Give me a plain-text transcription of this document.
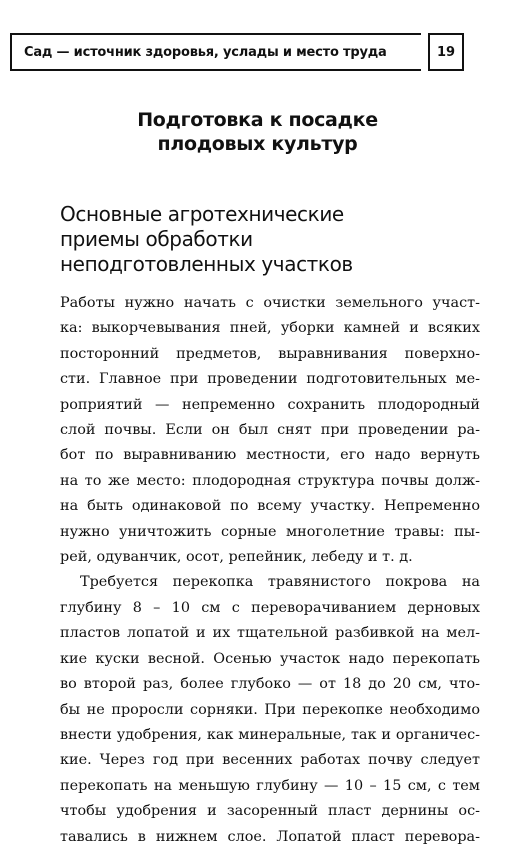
Сад — источник здоровья, услады и место труда	19
Подготовка к посадке
плодовых культур
Основные агротехнические
приемы обработки
неподготовленных участков
Работы нужно начать с очистки земельного участ-
ка: выкорчевывания пней, уборки камней и всяких
посторонний предметов, выравнивания поверхно-
сти. Главное при проведении подготовительных ме-
роприятий — непременно сохранить плодородный
слой почвы. Если он был снят при проведении ра-
бот по выравниванию местности, его надо вернуть
на то же место: плодородная структура почвы долж-
на быть одинаковой по всему участку. Непременно
нужно уничтожить сорные многолетние травы: пы-
рей, одуванчик, осот, репейник, лебеду и т. д.
Требуется перекопка травянистого покрова на
глубину 8 – 10 см с переворачиванием дерновых
пластов лопатой и их тщательной разбивкой на мел-
кие куски весной. Осенью участок надо перекопать
во второй раз, более глубоко — от 18 до 20 см, что-
бы не проросли сорняки. При перекопке необходимо
внести удобрения, как минеральные, так и органичес-
кие. Через год при весенних работах почву следует
перекопать на меньшую глубину — 10 – 15 см, с тем
чтобы удобрения и засоренный пласт дернины ос-
тавались в нижнем слое. Лопатой пласт перевора-
